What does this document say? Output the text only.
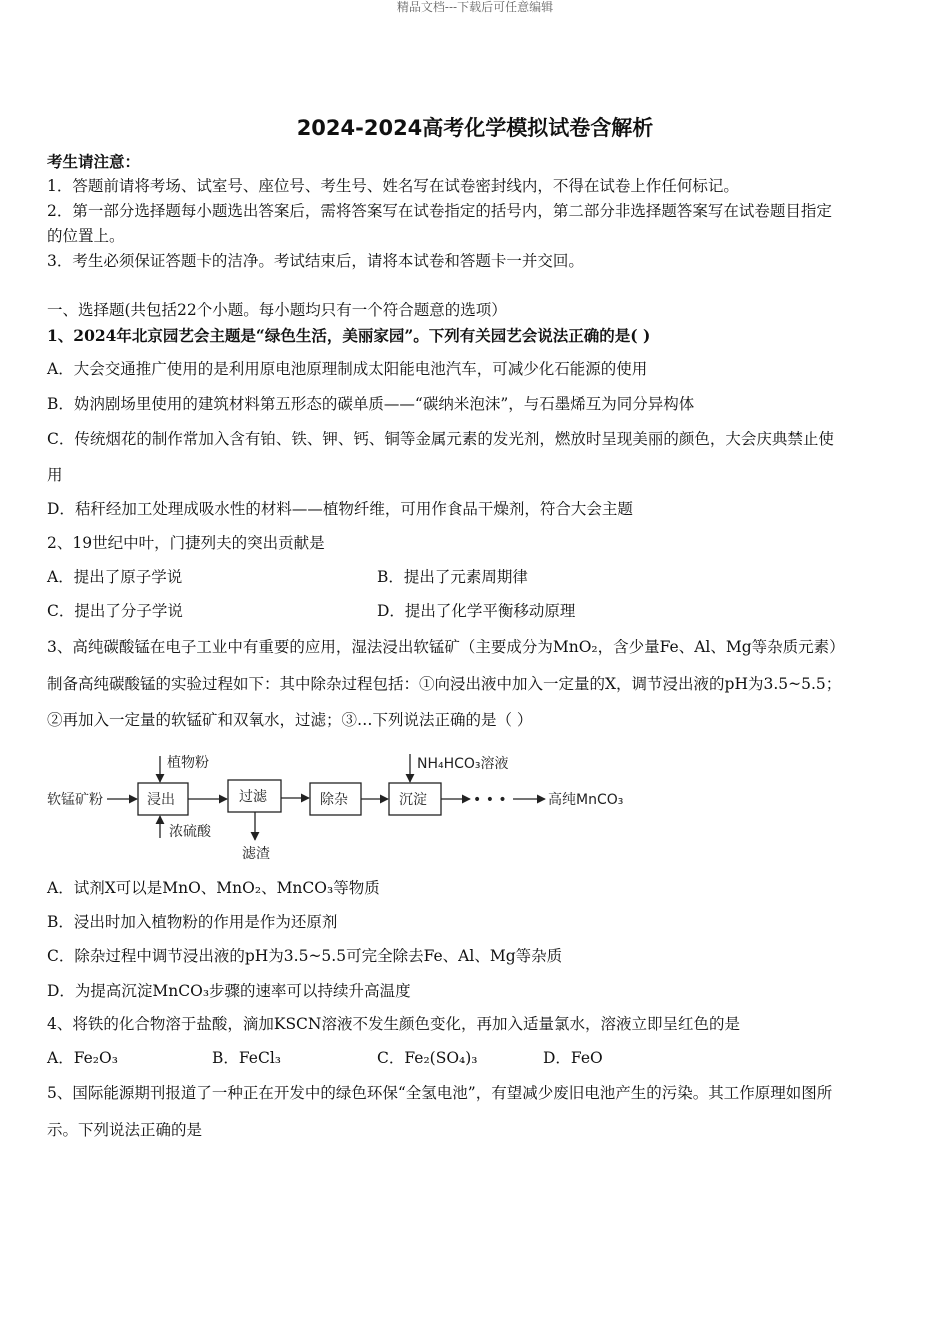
精品文档---下载后可任意编辑
2024-2024高考化学模拟试卷含解析
考生请注意：
1．答题前请将考场、试室号、座位号、考生号、姓名写在试卷密封线内，不得在试卷上作任何标记。
2．第一部分选择题每小题选出答案后，需将答案写在试卷指定的括号内，第二部分非选择题答案写在试卷题目指定
的位置上。
3．考生必须保证答题卡的洁净。考试结束后，请将本试卷和答题卡一并交回。
一、选择题(共包括22个小题。每小题均只有一个符合题意的选项）
1、2024年北京园艺会主题是“绿色生活，美丽家园”。下列有关园艺会说法正确的是( )
A．大会交通推广使用的是利用原电池原理制成太阳能电池汽车，可减少化石能源的使用
B．妫汭剧场里使用的建筑材料第五形态的碳单质——“碳纳米泡沫”，与石墨烯互为同分异构体
C．传统烟花的制作常加入含有铂、铁、钾、钙、铜等金属元素的发光剂，燃放时呈现美丽的颜色，大会庆典禁止使
用
D．秸秆经加工处理成吸水性的材料——植物纤维，可用作食品干燥剂，符合大会主题
2、19世纪中叶，门捷列夫的突出贡献是
A．提出了原子学说	B．提出了元素周期律
C．提出了分子学说	D．提出了化学平衡移动原理
3、高纯碳酸锰在电子工业中有重要的应用，湿法浸出软锰矿（主要成分为MnO₂，含少量Fe、Al、Mg等杂质元素）
制备高纯碳酸锰的实验过程如下：其中除杂过程包括：①向浸出液中加入一定量的X，调节浸出液的pH为3.5~5.5；
②再加入一定量的软锰矿和双氧水，过滤；③…下列说法正确的是（ ）
软锰矿粉
植物粉
浓硫酸
浸出	过滤
滤渣
除杂
NH₄HCO₃溶液
沉淀	• • •	高纯MnCO₃
A．试剂X可以是MnO、MnO₂、MnCO₃等物质
B．浸出时加入植物粉的作用是作为还原剂
C．除杂过程中调节浸出液的pH为3.5~5.5可完全除去Fe、Al、Mg等杂质
D．为提高沉淀MnCO₃步骤的速率可以持续升高温度
4、将铁的化合物溶于盐酸，滴加KSCN溶液不发生颜色变化，再加入适量氯水，溶液立即呈红色的是
A．Fe₂O₃	B．FeCl₃	C．Fe₂(SO₄)₃	D．FeO
5、国际能源期刊报道了一种正在开发中的绿色环保“全氢电池”，有望减少废旧电池产生的污染。其工作原理如图所
示。下列说法正确的是
